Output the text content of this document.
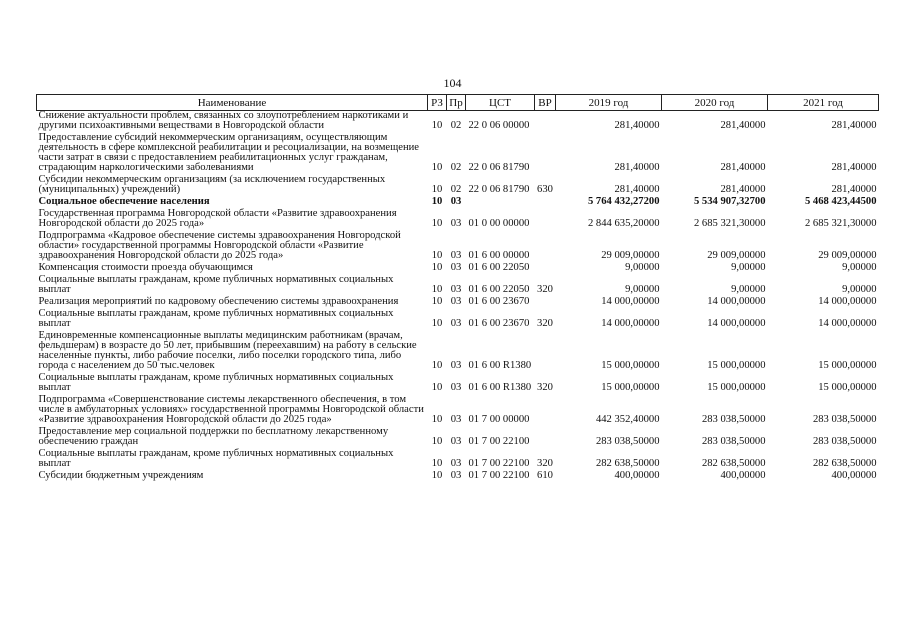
104
Наименование	РЗ	Пр	ЦСТ	ВР	2019 год	2020 год	2021 год
Снижение актуальности проблем, связанных со злоупотреблением наркотиками и другими психоактивными веществами в Новгородской области	10	02	22 0 06 00000		281,40000	281,40000	281,40000
Предоставление субсидий некоммерческим организациям, осуществляющим деятельность в сфере комплексной реабилитации и ресоциализации, на возмещение части затрат в связи с предоставлением реабилитационных услуг гражданам, страдающим наркологическими заболеваниями	10	02	22 0 06 81790		281,40000	281,40000	281,40000
Субсидии некоммерческим организациям (за исключением государственных (муниципальных) учреждений)	10	02	22 0 06 81790	630	281,40000	281,40000	281,40000
Социальное обеспечение населения	10	03			5 764 432,27200	5 534 907,32700	5 468 423,44500
Государственная программа Новгородской области «Развитие здравоохранения Новгородской области до 2025 года»	10	03	01 0 00 00000		2 844 635,20000	2 685 321,30000	2 685 321,30000
Подпрограмма «Кадровое обеспечение системы здравоохранения Новгородской области» государственной программы Новгородской области «Развитие здравоохранения Новгородской области до 2025 года»	10	03	01 6 00 00000		29 009,00000	29 009,00000	29 009,00000
Компенсация стоимости проезда обучающимся	10	03	01 6 00 22050		9,00000	9,00000	9,00000
Социальные выплаты гражданам, кроме публичных нормативных социальных выплат	10	03	01 6 00 22050	320	9,00000	9,00000	9,00000
Реализация мероприятий по кадровому обеспечению системы здравоохранения	10	03	01 6 00 23670		14 000,00000	14 000,00000	14 000,00000
Социальные выплаты гражданам, кроме публичных нормативных социальных выплат	10	03	01 6 00 23670	320	14 000,00000	14 000,00000	14 000,00000
Единовременные компенсационные выплаты медицинским работникам (врачам, фельдшерам) в возрасте до 50 лет, прибывшим (переехавшим) на работу в сельские населенные пункты, либо рабочие поселки, либо поселки городского типа, либо города с населением до 50 тыс.человек	10	03	01 6 00 R1380		15 000,00000	15 000,00000	15 000,00000
Социальные выплаты гражданам, кроме публичных нормативных социальных выплат	10	03	01 6 00 R1380	320	15 000,00000	15 000,00000	15 000,00000
Подпрограмма «Совершенствование системы лекарственного обеспечения, в том числе в амбулаторных условиях» государственной программы Новгородской области «Развитие здравоохранения Новгородской области до 2025 года»	10	03	01 7 00 00000		442 352,40000	283 038,50000	283 038,50000
Предоставление мер социальной поддержки по бесплатному лекарственному обеспечению граждан	10	03	01 7 00 22100		283 038,50000	283 038,50000	283 038,50000
Социальные выплаты гражданам, кроме публичных нормативных социальных выплат	10	03	01 7 00 22100	320	282 638,50000	282 638,50000	282 638,50000
Субсидии бюджетным учреждениям	10	03	01 7 00 22100	610	400,00000	400,00000	400,00000
